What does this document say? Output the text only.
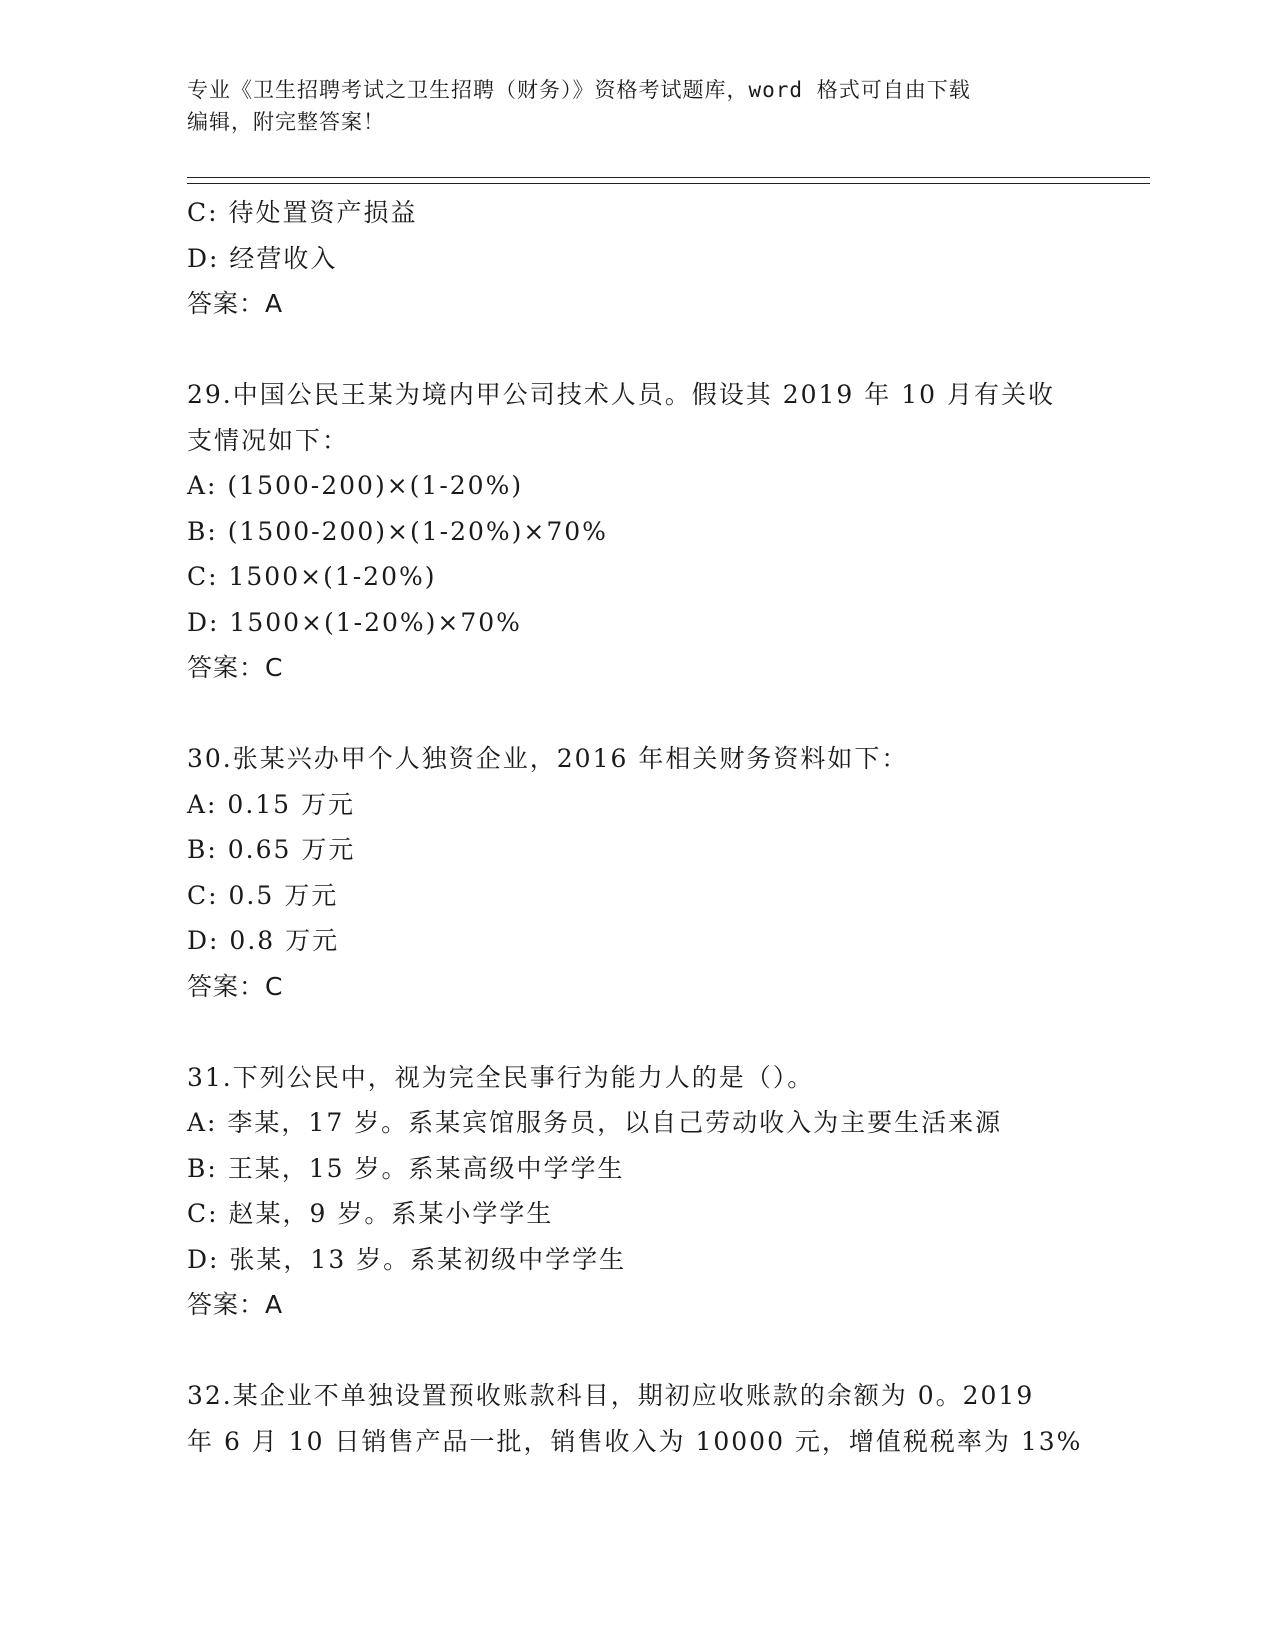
专业《卫生招聘考试之卫生招聘（财务）》资格考试题库，word 格式可自由下载
编辑，附完整答案！
C: 待处置资产损益
D: 经营收入
答案：A
29.中国公民王某为境内甲公司技术人员。假设其 2019 年 10 月有关收
支情况如下：
A: (1500-200)×(1-20%)
B: (1500-200)×(1-20%)×70%
C: 1500×(1-20%)
D: 1500×(1-20%)×70%
答案：C
30.张某兴办甲个人独资企业，2016 年相关财务资料如下：
A: 0.15 万元
B: 0.65 万元
C: 0.5 万元
D: 0.8 万元
答案：C
31.下列公民中，视为完全民事行为能力人的是（）。
A: 李某，17 岁。系某宾馆服务员，以自己劳动收入为主要生活来源
B: 王某，15 岁。系某高级中学学生
C: 赵某，9 岁。系某小学学生
D: 张某，13 岁。系某初级中学学生
答案：A
32.某企业不单独设置预收账款科目，期初应收账款的余额为 0。2019
年 6 月 10 日销售产品一批，销售收入为 10000 元，增值税税率为 13%
